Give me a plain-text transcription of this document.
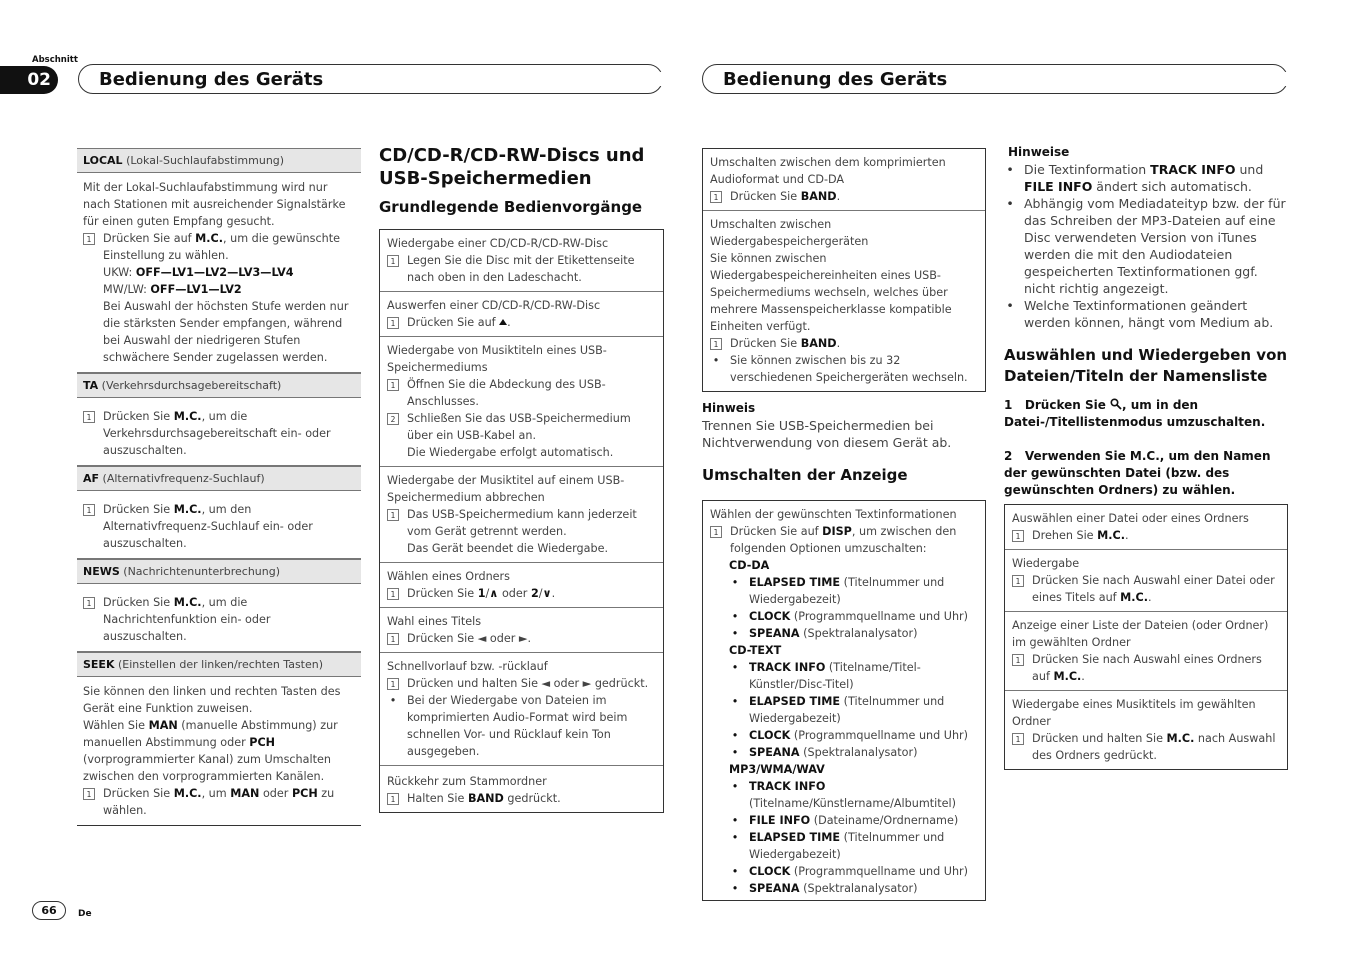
Abschnitt
02	Bedienung des Geräts	Bedienung des Geräts
LOCAL (Lokal-Suchlaufabstimmung)
Mit der Lokal-Suchlaufabstimmung wird nur nach Stationen mit ausreichender Signalstärke für einen guten Empfang gesucht.
1	Drücken Sie auf M.C., um die gewünschte Einstellung zu wählen.
UKW: OFF—LV1—LV2—LV3—LV4
MW/LW: OFF—LV1—LV2
Bei Auswahl der höchsten Stufe werden nur die stärksten Sender empfangen, während bei Auswahl der niedrigeren Stufen schwächere Sender zugelassen werden.
TA (Verkehrsdurchsagebereitschaft)
1	Drücken Sie M.C., um die Verkehrsdurchsagebereitschaft ein- oder auszuschalten.
AF (Alternativfrequenz-Suchlauf)
1	Drücken Sie M.C., um den Alternativfrequenz-Suchlauf ein- oder auszuschalten.
NEWS (Nachrichtenunterbrechung)
1	Drücken Sie M.C., um die Nachrichtenfunktion ein- oder auszuschalten.
SEEK (Einstellen der linken/rechten Tasten)
Sie können den linken und rechten Tasten des Gerät eine Funktion zuweisen.
Wählen Sie MAN (manuelle Abstimmung) zur manuellen Abstimmung oder PCH (vorprogrammierter Kanal) zum Umschalten zwischen den vorprogrammierten Kanälen.
1	Drücken Sie M.C., um MAN oder PCH zu wählen.
CD/CD-R/CD-RW-Discs und USB-Speichermedien
Grundlegende Bedienvorgänge
Wiedergabe einer CD/CD-R/CD-RW-Disc
1	Legen Sie die Disc mit der Etikettenseite nach oben in den Ladeschacht.
Auswerfen einer CD/CD-R/CD-RW-Disc
1	Drücken Sie auf .
Wiedergabe von Musiktiteln eines USB-Speichermediums
1	Öffnen Sie die Abdeckung des USB-Anschlusses.
2	Schließen Sie das USB-Speichermedium über ein USB-Kabel an.
Die Wiedergabe erfolgt automatisch.
Wiedergabe der Musiktitel auf einem USB-Speichermedium abbrechen
1	Das USB-Speichermedium kann jederzeit vom Gerät getrennt werden.
Das Gerät beendet die Wiedergabe.
Wählen eines Ordners
1	Drücken Sie 1/∧ oder 2/∨.
Wahl eines Titels
1	Drücken Sie ◄ oder ►.
Schnellvorlauf bzw. -rücklauf
1	Drücken und halten Sie ◄ oder ► gedrückt.
• Bei der Wiedergabe von Dateien im komprimierten Audio-Format wird beim schnellen Vor- und Rücklauf kein Ton ausgegeben.
Rückkehr zum Stammordner
1	Halten Sie BAND gedrückt.
Umschalten zwischen dem komprimierten Audioformat und CD-DA
1	Drücken Sie BAND.
Umschalten zwischen Wiedergabespeichergeräten
Sie können zwischen Wiedergabespeichereinheiten eines USB-Speichermediums wechseln, welches über mehrere Massenspeicherklasse kompatible Einheiten verfügt.
1	Drücken Sie BAND.
• Sie können zwischen bis zu 32 verschiedenen Speichergeräten wechseln.
Hinweis
Trennen Sie USB-Speichermedien bei Nichtverwendung von diesem Gerät ab.
Umschalten der Anzeige
Wählen der gewünschten Textinformationen
1	Drücken Sie auf DISP, um zwischen den folgenden Optionen umzuschalten:
CD-DA
• ELAPSED TIME (Titelnummer und Wiedergabezeit)
• CLOCK (Programmquellname und Uhr)
• SPEANA (Spektralanalysator)
CD-TEXT
• TRACK INFO (Titelname/Titel-Künstler/Disc-Titel)
• ELAPSED TIME (Titelnummer und Wiedergabezeit)
• CLOCK (Programmquellname und Uhr)
• SPEANA (Spektralanalysator)
MP3/WMA/WAV
• TRACK INFO (Titelname/Künstlername/Albumtitel)
• FILE INFO (Dateiname/Ordnername)
• ELAPSED TIME (Titelnummer und Wiedergabezeit)
• CLOCK (Programmquellname und Uhr)
• SPEANA (Spektralanalysator)
Hinweise
• Die Textinformation TRACK INFO und FILE INFO ändert sich automatisch.
• Abhängig vom Mediadateityp bzw. der für das Schreiben der MP3-Dateien auf eine Disc verwendeten Version von iTunes werden die mit den Audiodateien gespeicherten Textinformationen ggf. nicht richtig angezeigt.
• Welche Textinformationen geändert werden können, hängt vom Medium ab.
Auswählen und Wiedergeben von Dateien/Titeln der Namensliste
1 Drücken Sie , um in den Datei-/Titellistenmodus umzuschalten.
2 Verwenden Sie M.C., um den Namen der gewünschten Datei (bzw. des gewünschten Ordners) zu wählen.
Auswählen einer Datei oder eines Ordners
1	Drehen Sie M.C..
Wiedergabe
1	Drücken Sie nach Auswahl einer Datei oder eines Titels auf M.C..
Anzeige einer Liste der Dateien (oder Ordner) im gewählten Ordner
1	Drücken Sie nach Auswahl eines Ordners auf M.C..
Wiedergabe eines Musiktitels im gewählten Ordner
1	Drücken und halten Sie M.C. nach Auswahl des Ordners gedrückt.
66	De
